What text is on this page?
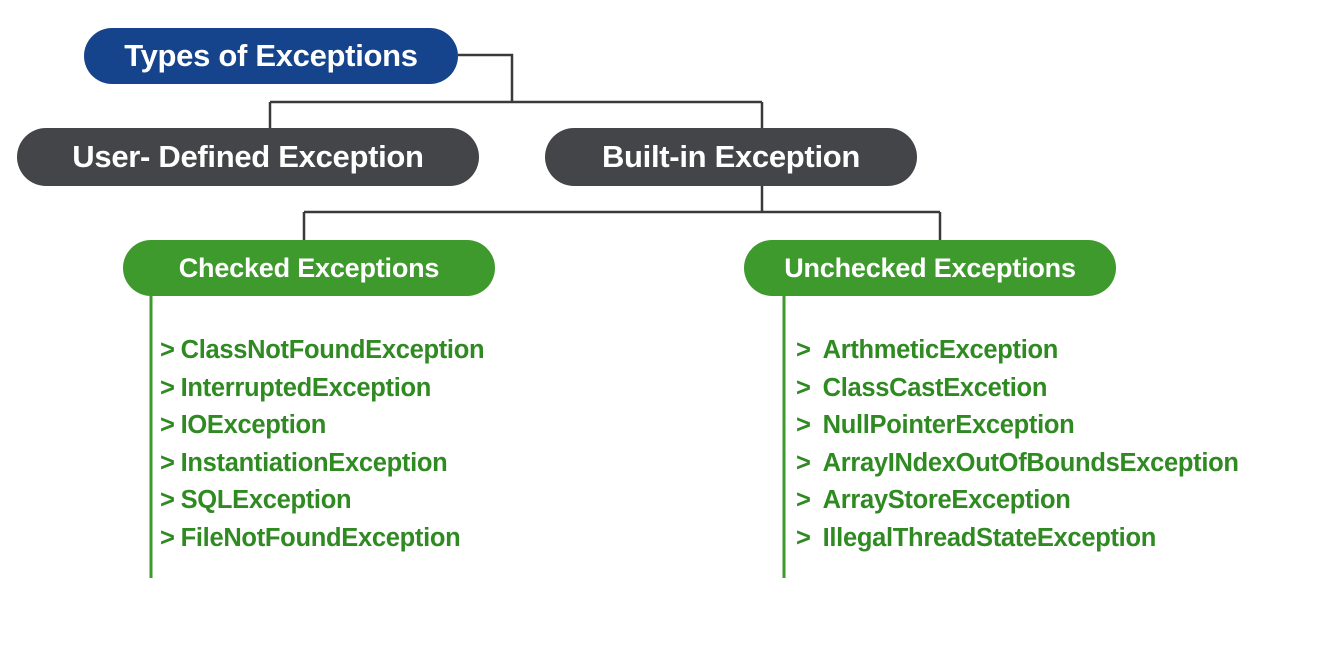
Types of Exceptions
User- Defined Exception	Built-in Exception
Checked Exceptions	Unchecked Exceptions
> ClassNotFoundException
> InterruptedException
> IOException
> InstantiationException
> SQLException
> FileNotFoundException
> ArthmeticException
> ClassCastExcetion
> NullPointerException
> ArrayINdexOutOfBoundsException
> ArrayStoreException
> IllegalThreadStateException
